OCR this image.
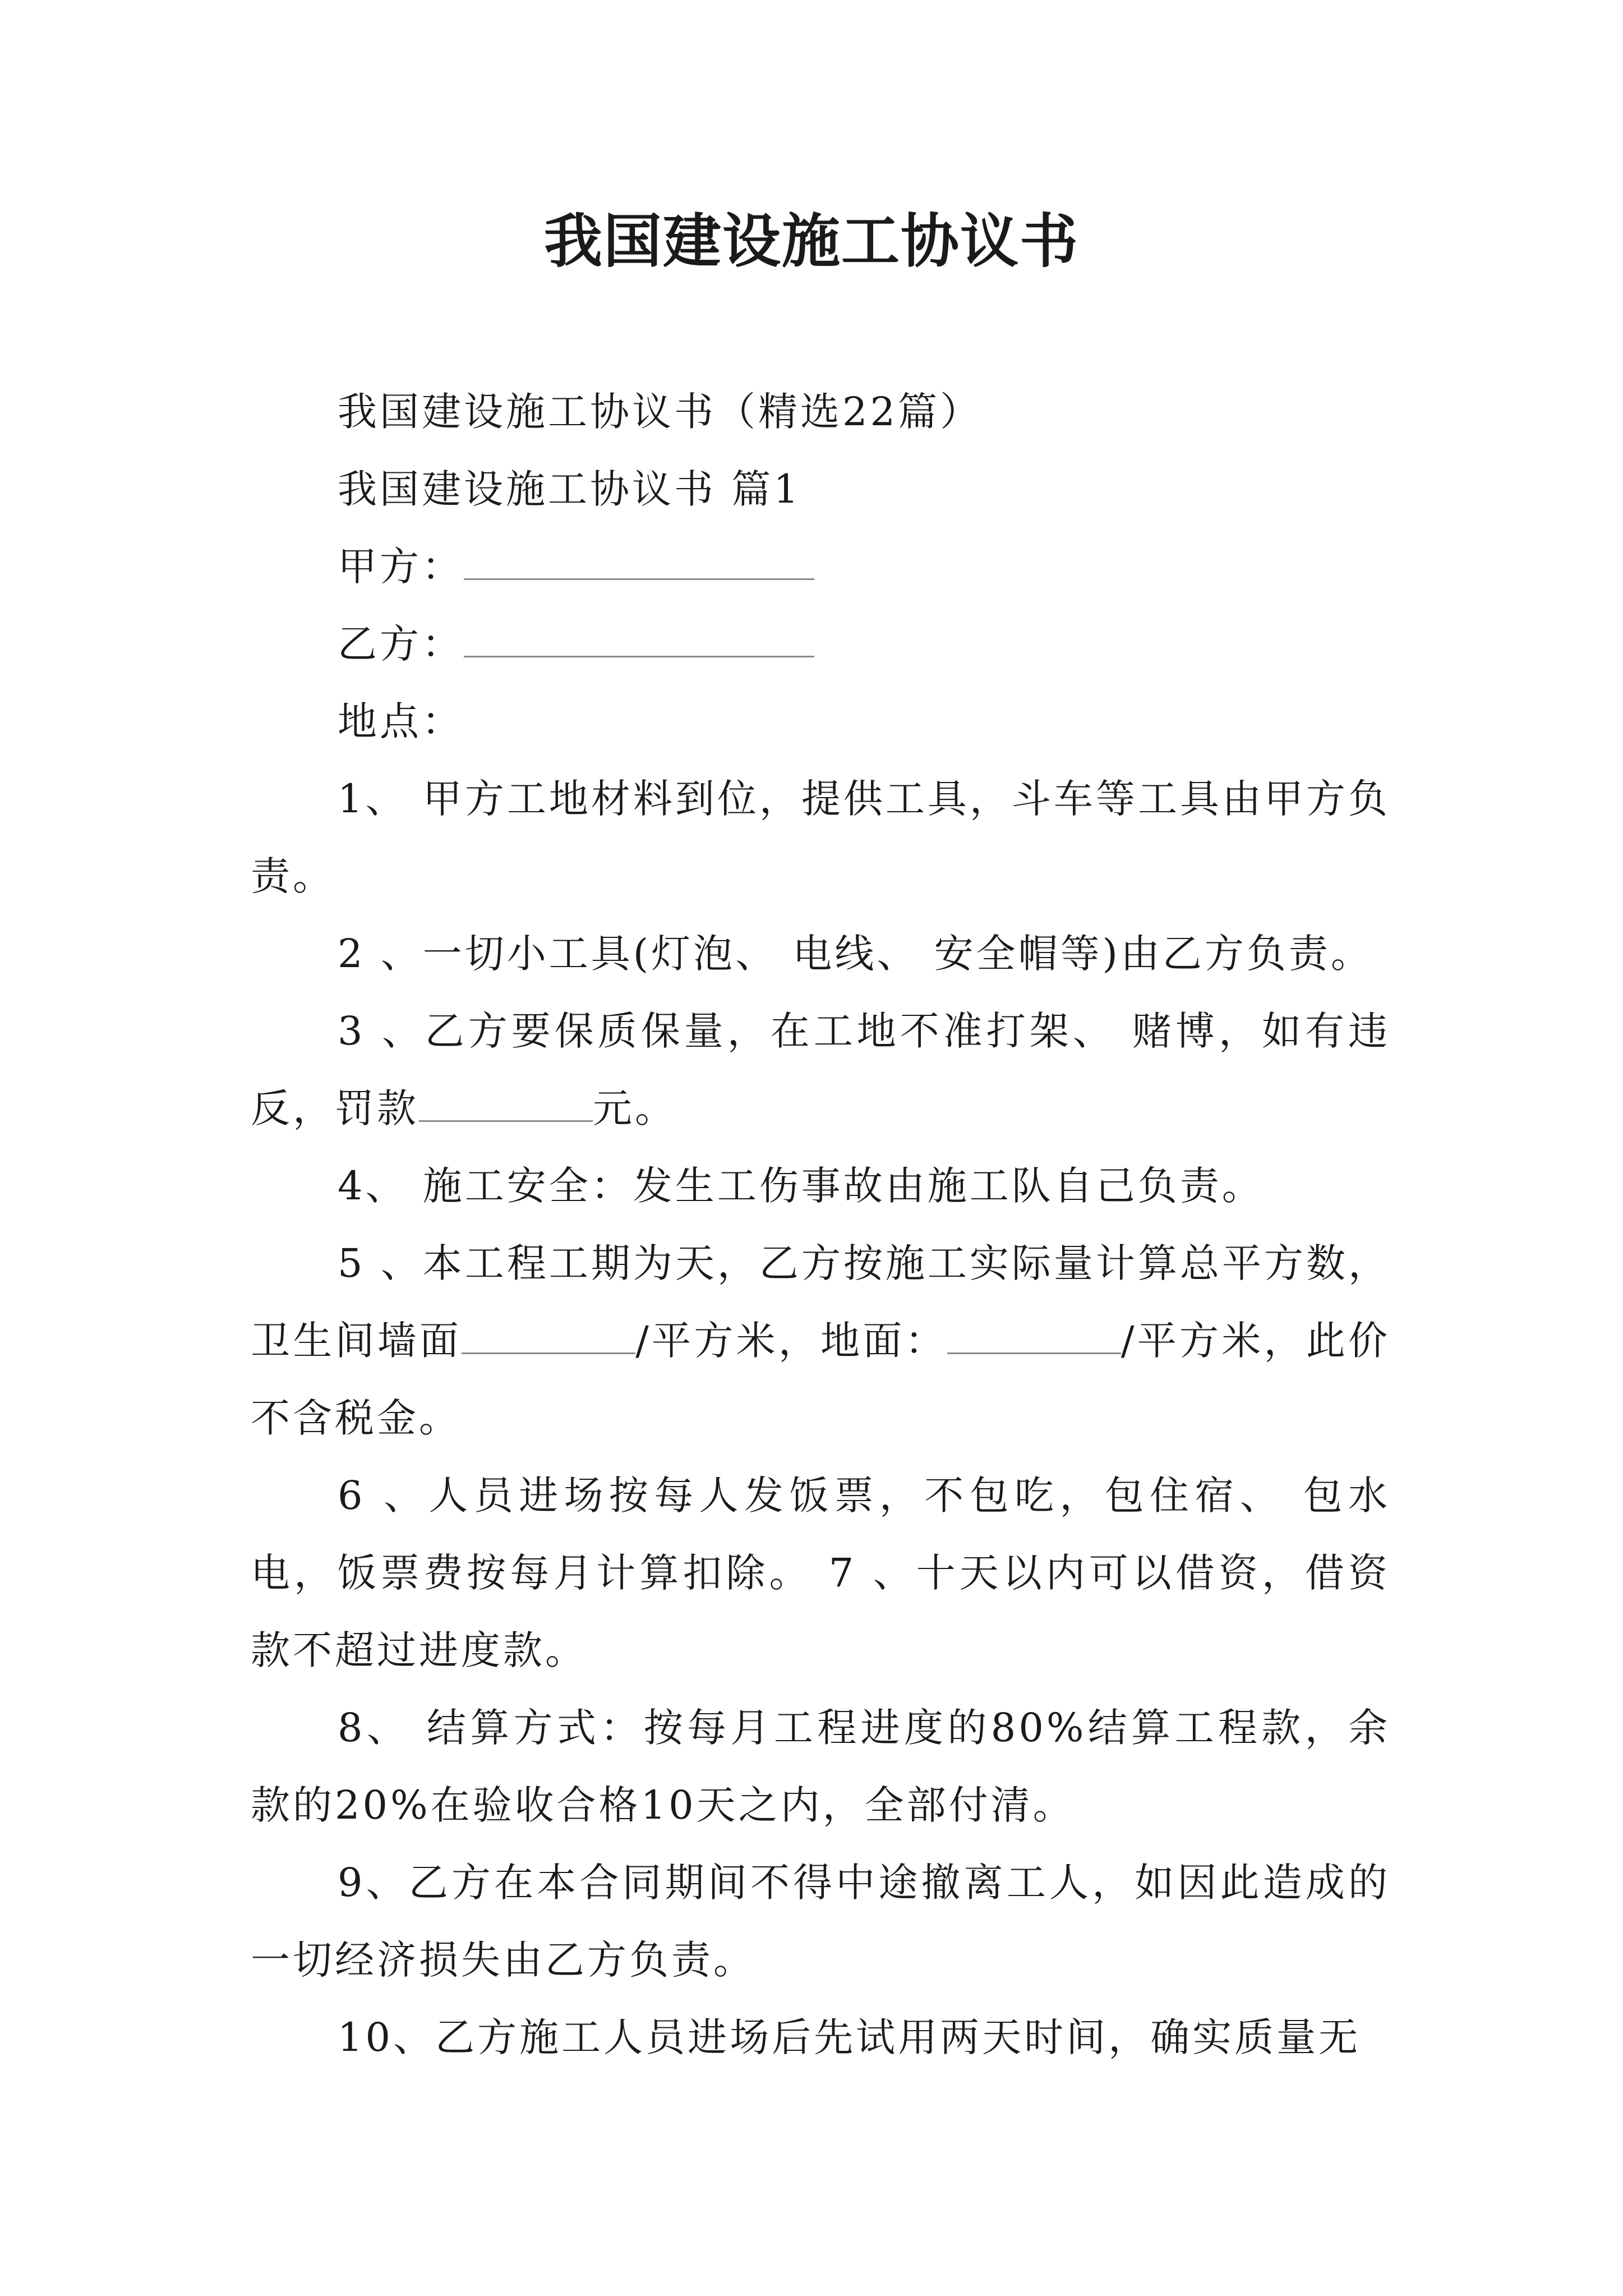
我国建设施工协议书

我国建设施工协议书（精选22篇）

我国建设施工协议书 篇1

甲方：

乙方：

地点：

1、 甲方工地材料到位，提供工具，斗车等工具由甲方负责。

2 、一切小工具(灯泡、 电线、 安全帽等)由乙方负责。

3 、乙方要保质保量，在工地不准打架、 赌博，如有违反，罚款	元。

4、 施工安全：发生工伤事故由施工队自己负责。

5 、本工程工期为天，乙方按施工实际量计算总平方数，卫生间墙面	/平方米，地面：	/平方米，此价不含税金。

6 、人员进场按每人发饭票，不包吃，包住宿、 包水电，饭票费按每月计算扣除。 7 、十天以内可以借资，借资款不超过进度款。

8、 结算方式：按每月工程进度的80%结算工程款，余款的20%在验收合格10天之内，全部付清。

9、乙方在本合同期间不得中途撤离工人，如因此造成的一切经济损失由乙方负责。

10、乙方施工人员进场后先试用两天时间，确实质量无
